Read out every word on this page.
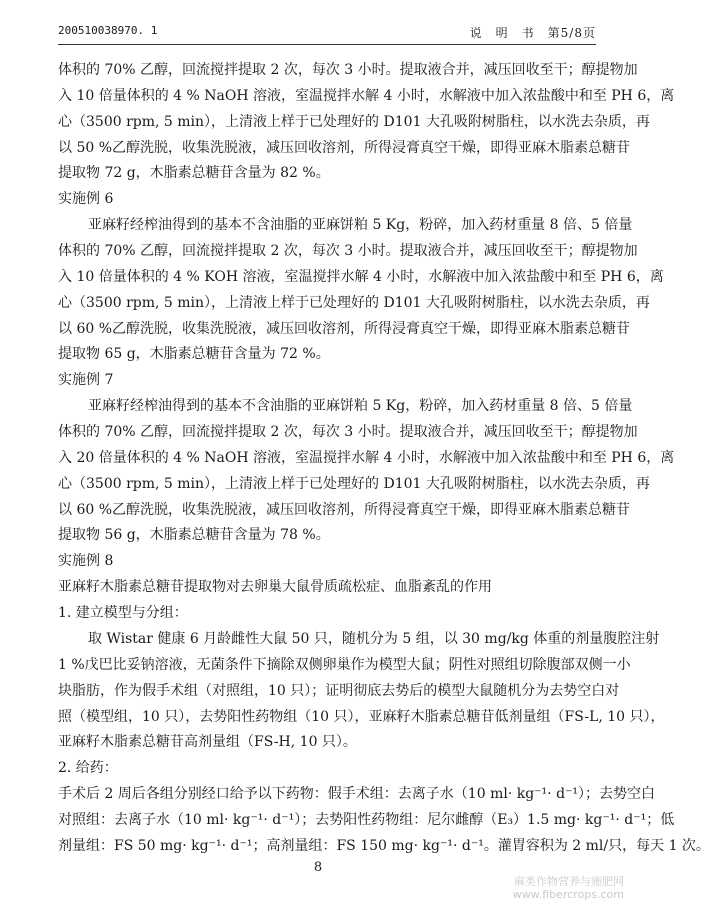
200510038970. 1	说　明　书　第5/8页
体积的 70% 乙醇，回流搅拌提取 2 次，每次 3 小时。提取液合并，减压回收至干；醇提物加
入 10 倍量体积的 4 % NaOH 溶液，室温搅拌水解 4 小时，水解液中加入浓盐酸中和至 PH 6，离
心（3500 rpm, 5 min），上清液上样于已处理好的 D101 大孔吸附树脂柱，以水洗去杂质，再
以 50 %乙醇洗脱，收集洗脱液，减压回收溶剂，所得浸膏真空干燥，即得亚麻木脂素总糖苷
提取物 72 g，木脂素总糖苷含量为 82 %。
实施例 6
亚麻籽经榨油得到的基本不含油脂的亚麻饼粕 5 Kg，粉碎，加入药材重量 8 倍、5 倍量
体积的 70% 乙醇，回流搅拌提取 2 次，每次 3 小时。提取液合并，减压回收至干；醇提物加
入 10 倍量体积的 4 % KOH 溶液，室温搅拌水解 4 小时，水解液中加入浓盐酸中和至 PH 6，离
心（3500 rpm, 5 min），上清液上样于已处理好的 D101 大孔吸附树脂柱，以水洗去杂质，再
以 60 %乙醇洗脱，收集洗脱液，减压回收溶剂，所得浸膏真空干燥，即得亚麻木脂素总糖苷
提取物 65 g，木脂素总糖苷含量为 72 %。
实施例 7
亚麻籽经榨油得到的基本不含油脂的亚麻饼粕 5 Kg，粉碎，加入药材重量 8 倍、5 倍量
体积的 70% 乙醇，回流搅拌提取 2 次，每次 3 小时。提取液合并，减压回收至干；醇提物加
入 20 倍量体积的 4 % NaOH 溶液，室温搅拌水解 4 小时，水解液中加入浓盐酸中和至 PH 6，离
心（3500 rpm, 5 min），上清液上样于已处理好的 D101 大孔吸附树脂柱，以水洗去杂质，再
以 60 %乙醇洗脱，收集洗脱液，减压回收溶剂，所得浸膏真空干燥，即得亚麻木脂素总糖苷
提取物 56 g，木脂素总糖苷含量为 78 %。
实施例 8
亚麻籽木脂素总糖苷提取物对去卵巢大鼠骨质疏松症、血脂紊乱的作用
1. 建立模型与分组：
取 Wistar 健康 6 月龄雌性大鼠 50 只，随机分为 5 组，以 30 mg/kg 体重的剂量腹腔注射
1 %戊巴比妥钠溶液，无菌条件下摘除双侧卵巢作为模型大鼠；阴性对照组切除腹部双侧一小
块脂肪，作为假手术组（对照组，10 只）；证明彻底去势后的模型大鼠随机分为去势空白对
照（模型组，10 只），去势阳性药物组（10 只），亚麻籽木脂素总糖苷低剂量组（FS-L, 10 只），
亚麻籽木脂素总糖苷高剂量组（FS-H, 10 只）。
2. 给药：
8
麻类作物营养与施肥网
www.fibercrops.com
手术后 2 周后各组分别经口给予以下药物：假手术组：去离子水（10 ml· kg⁻¹· d⁻¹）；去势空白
对照组：去离子水（10 ml· kg⁻¹· d⁻¹）；去势阳性药物组：尼尔雌醇（E₃）1.5 mg· kg⁻¹· d⁻¹；低
剂量组：FS 50 mg· kg⁻¹· d⁻¹；高剂量组：FS 150 mg· kg⁻¹· d⁻¹。灌胃容积为 2 ml/只，每天 1 次。
